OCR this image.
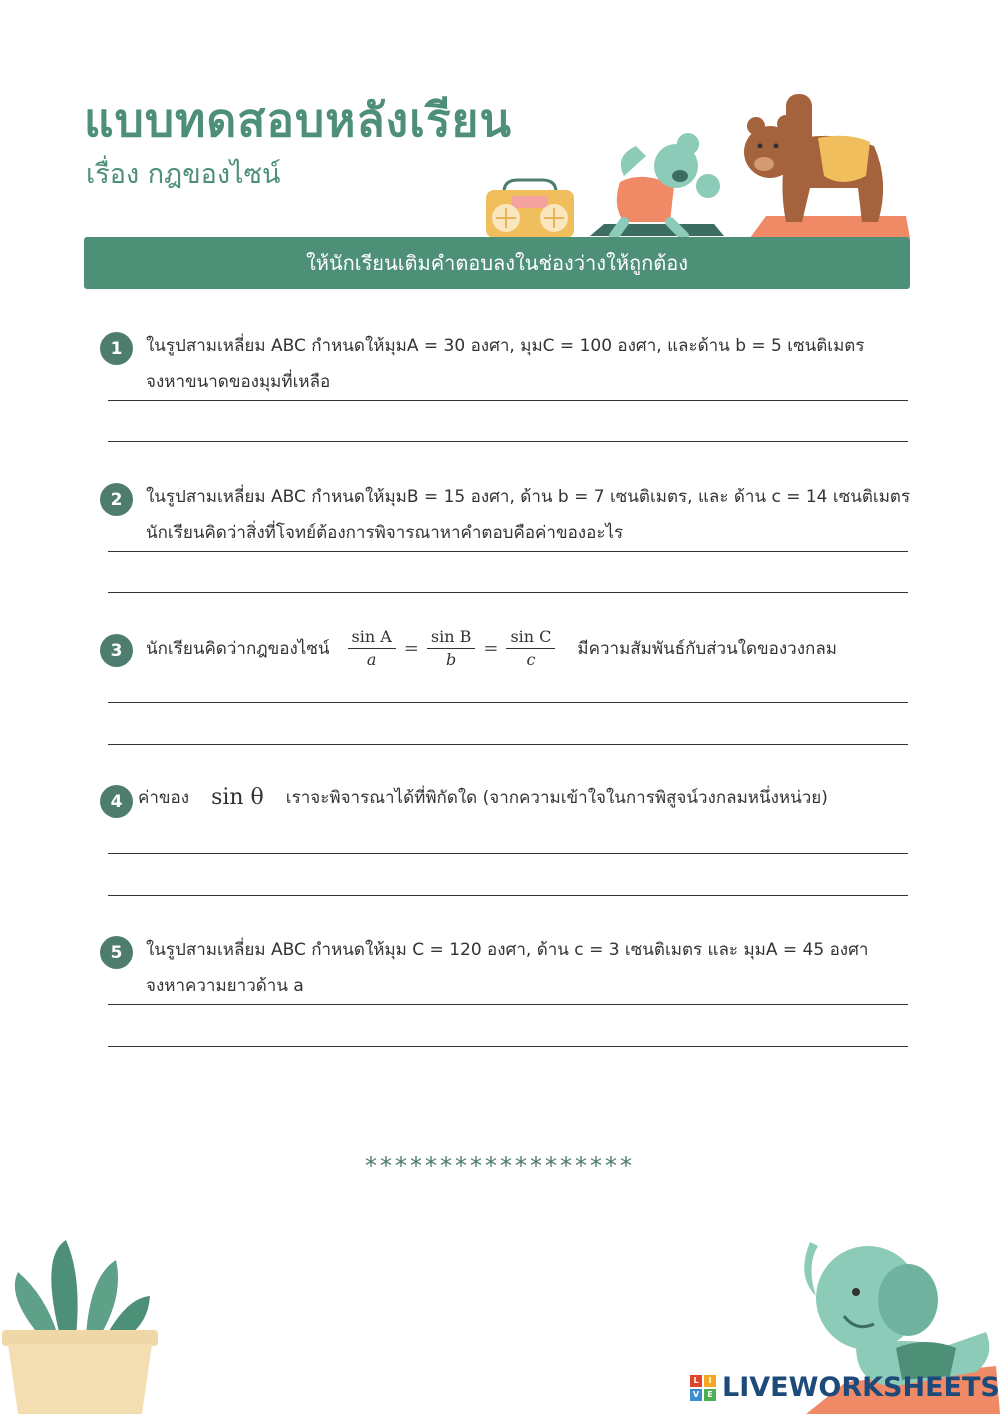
แบบทดสอบหลังเรียน
เรื่อง กฎของไซน์
ให้นักเรียนเติมคำตอบลงในช่องว่างให้ถูกต้อง
1	ในรูปสามเหลี่ยม ABC กำหนดให้มุมA = 30 องศา, มุมC = 100 องศา, และด้าน b = 5 เซนติเมตร
จงหาขนาดของมุมที่เหลือ
2	ในรูปสามเหลี่ยม ABC กำหนดให้มุมB = 15 องศา, ด้าน b = 7 เซนติเมตร, และ ด้าน c = 14 เซนติเมตร
นักเรียนคิดว่าสิ่งที่โจทย์ต้องการพิจารณาหาคำตอบคือค่าของอะไร
3	นักเรียนคิดว่ากฎของไซน์ $\frac{\text{sin A}}{a} = \frac{\text{sin B}}{b} = \frac{\text{sin C}}{c}$ มีความสัมพันธ์กับส่วนใดของวงกลม
4 ค่าของ sin θ เราจะพิจารณาได้ที่พิกัดใด (จากความเข้าใจในการพิสูจน์วงกลมหนึ่งหน่วย)
5	ในรูปสามเหลี่ยม ABC กำหนดให้มุม C = 120 องศา, ด้าน c = 3 เซนติเมตร และ มุมA = 45 องศา
จงหาความยาวด้าน a
******************
L	I
V	E LIVEWORKSHEETS
